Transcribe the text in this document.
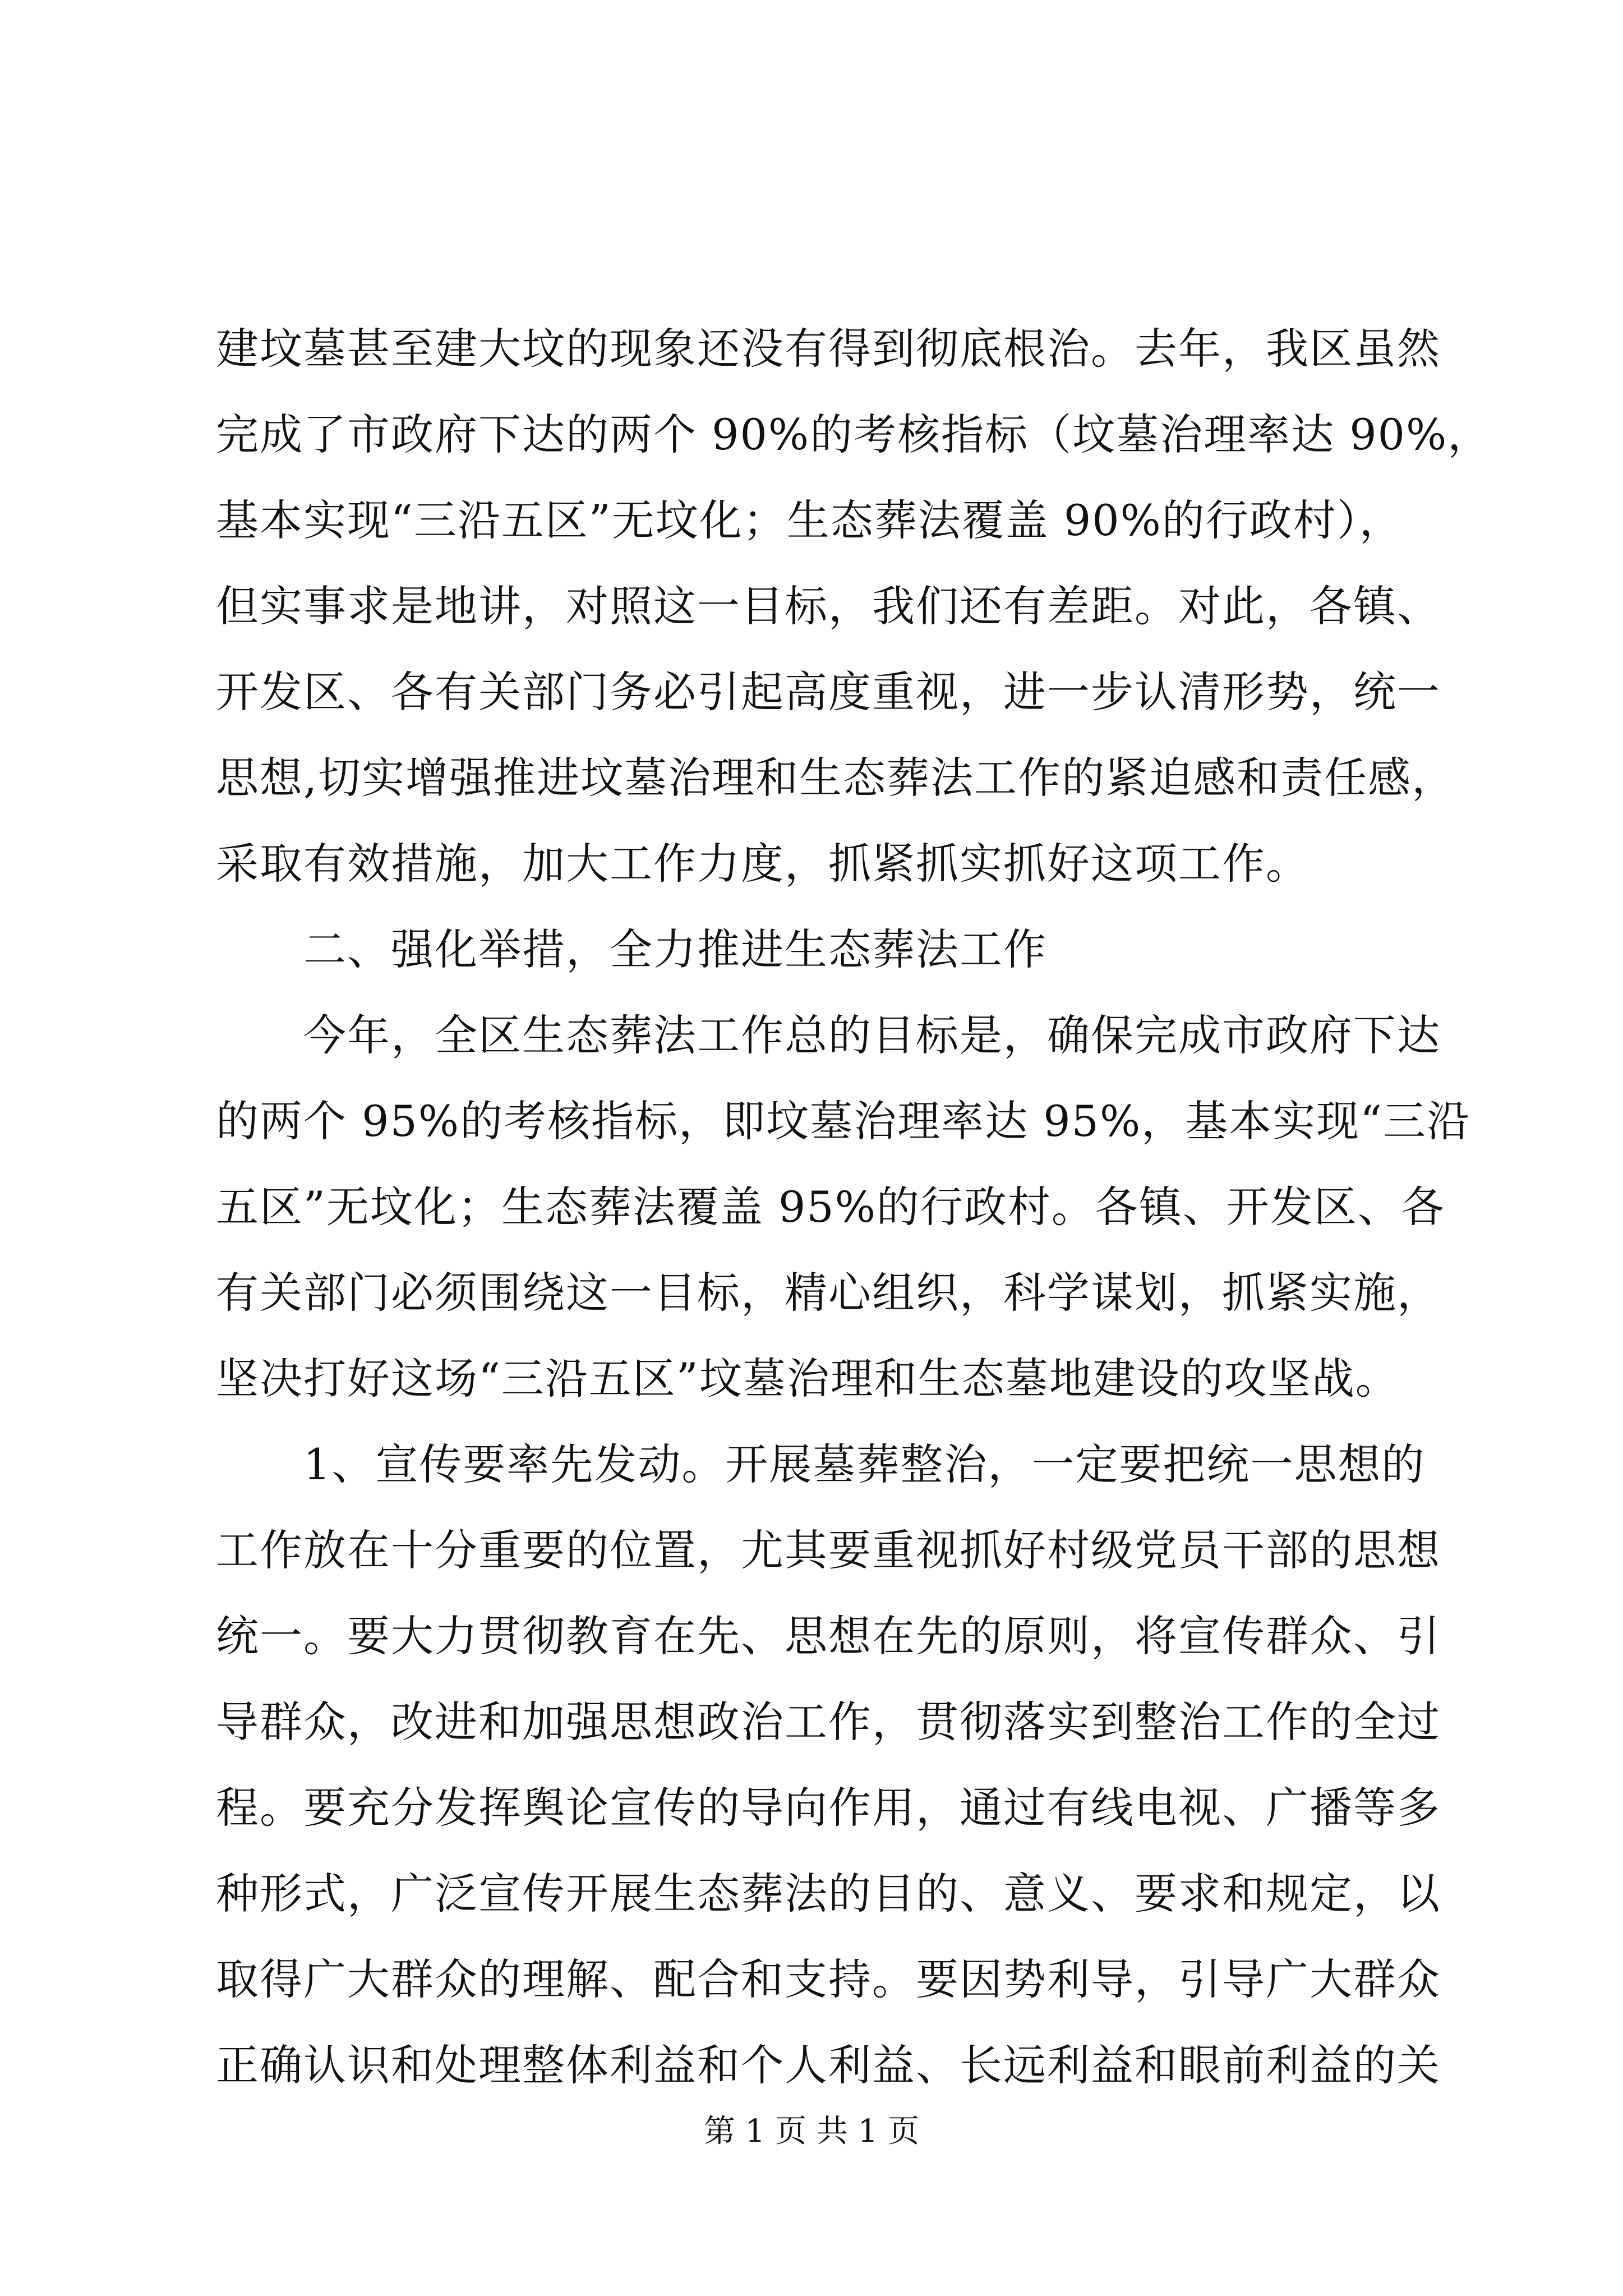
建坟墓甚至建大坟的现象还没有得到彻底根治。去年，我区虽然
完成了市政府下达的两个 90%的考核指标（坟墓治理率达 90%，
基本实现“三沿五区”无坟化；生态葬法覆盖 90%的行政村），
但实事求是地讲，对照这一目标，我们还有差距。对此，各镇、
开发区、各有关部门务必引起高度重视，进一步认清形势，统一
思想,切实增强推进坟墓治理和生态葬法工作的紧迫感和责任感，
采取有效措施，加大工作力度，抓紧抓实抓好这项工作。
　　二、强化举措，全力推进生态葬法工作
　　今年，全区生态葬法工作总的目标是，确保完成市政府下达
的两个 95%的考核指标，即坟墓治理率达 95%，基本实现“三沿
五区”无坟化；生态葬法覆盖 95%的行政村。各镇、开发区、各
有关部门必须围绕这一目标，精心组织，科学谋划，抓紧实施，
坚决打好这场“三沿五区”坟墓治理和生态墓地建设的攻坚战。
　　1、宣传要率先发动。开展墓葬整治，一定要把统一思想的
工作放在十分重要的位置，尤其要重视抓好村级党员干部的思想
统一。要大力贯彻教育在先、思想在先的原则，将宣传群众、引
导群众，改进和加强思想政治工作，贯彻落实到整治工作的全过
程。要充分发挥舆论宣传的导向作用，通过有线电视、广播等多
种形式，广泛宣传开展生态葬法的目的、意义、要求和规定，以
取得广大群众的理解、配合和支持。要因势利导，引导广大群众
正确认识和处理整体利益和个人利益、长远利益和眼前利益的关
第 1 页 共 1 页
